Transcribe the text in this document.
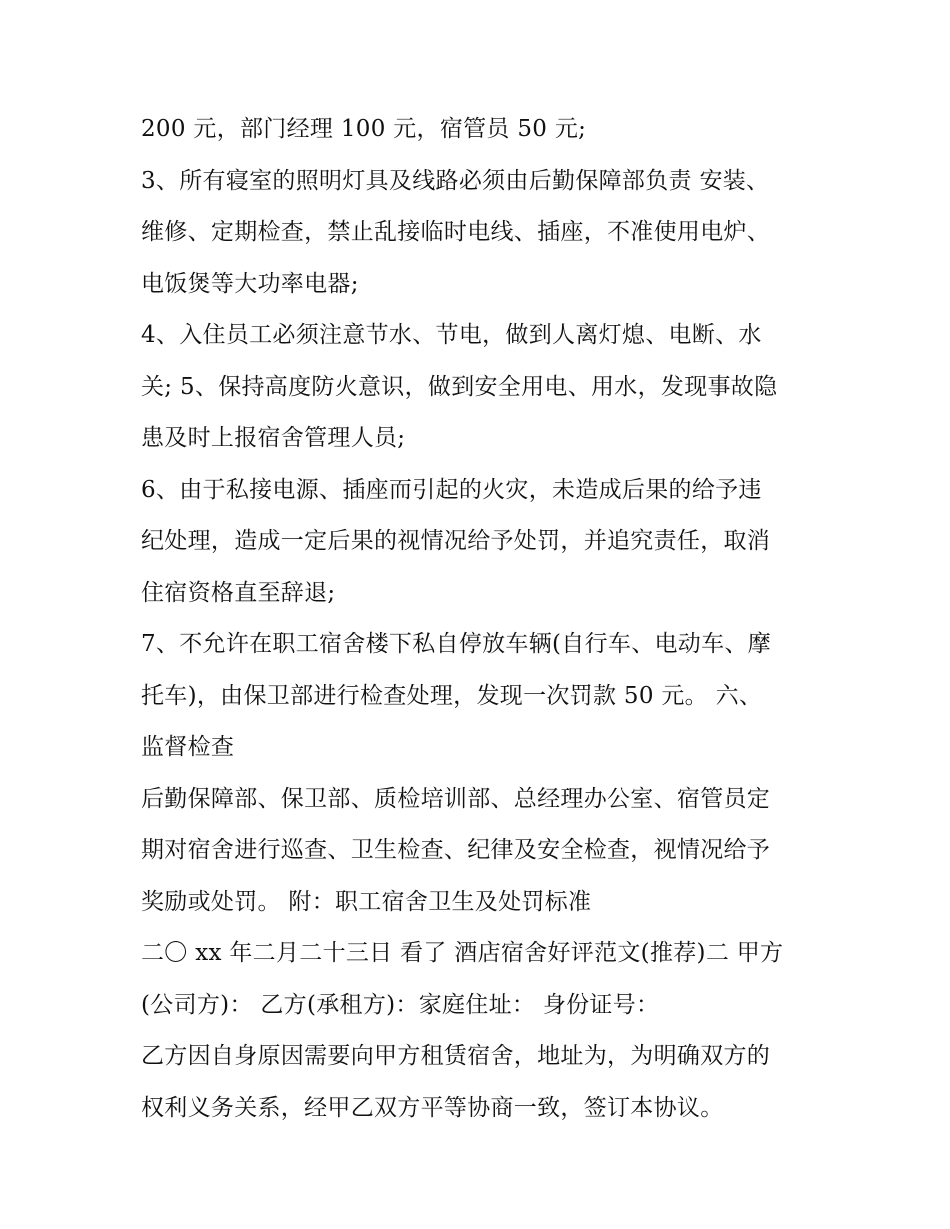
200 元，部门经理 100 元，宿管员 50 元;
3、所有寝室的照明灯具及线路必须由后勤保障部负责 安装、
维修、定期检查，禁止乱接临时电线、插座，不准使用电炉、
电饭煲等大功率电器;
4、入住员工必须注意节水、节电，做到人离灯熄、电断、水
关; 5、保持高度防火意识，做到安全用电、用水，发现事故隐
患及时上报宿舍管理人员;
6、由于私接电源、插座而引起的火灾，未造成后果的给予违
纪处理，造成一定后果的视情况给予处罚，并追究责任，取消
住宿资格直至辞退;
7、不允许在职工宿舍楼下私自停放车辆(自行车、电动车、摩
托车)，由保卫部进行检查处理，发现一次罚款 50 元。 六、
监督检查
后勤保障部、保卫部、质检培训部、总经理办公室、宿管员定
期对宿舍进行巡查、卫生检查、纪律及安全检查，视情况给予
奖励或处罚。 附：职工宿舍卫生及处罚标准
二〇 xx 年二月二十三日 看了 酒店宿舍好评范文(推荐)二 甲方
(公司方)： 乙方(承租方)：家庭住址： 身份证号：
乙方因自身原因需要向甲方租赁宿舍，地址为，为明确双方的
权利义务关系，经甲乙双方平等协商一致，签订本协议。
